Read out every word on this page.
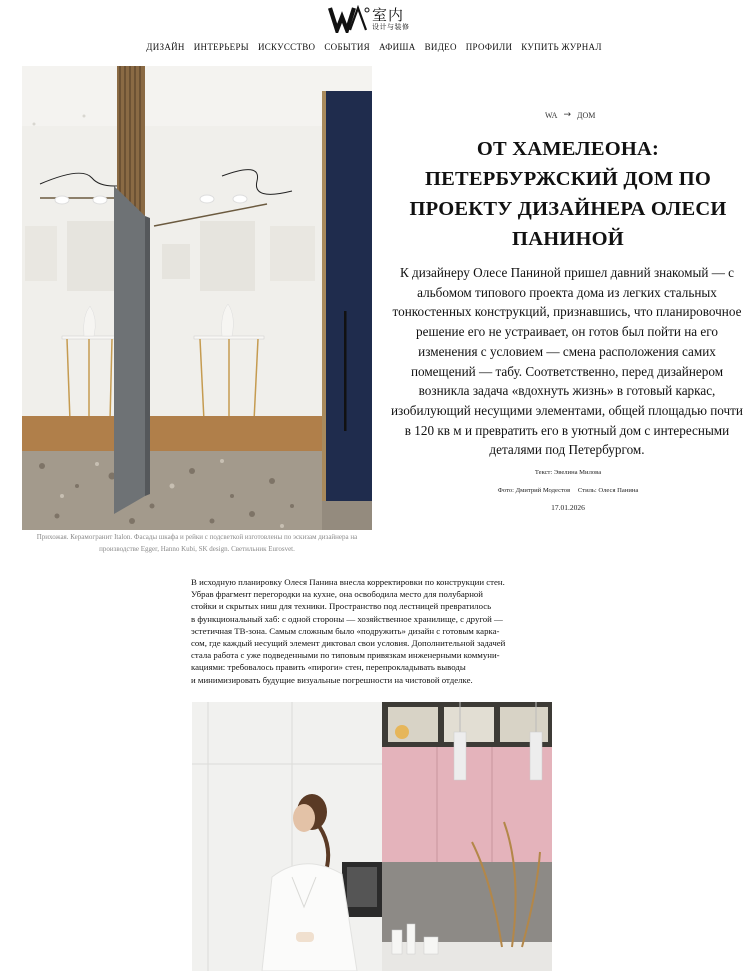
室内
设计与装修
ДИЗАЙН ИНТЕРЬЕРЫ ИСКУССТВО СОБЫТИЯ АФИША ВИДЕО ПРОФИЛИ КУПИТЬ ЖУРНАЛ
Прихожая. Керамогранит Italon. Фасады шкафа и рейки с подсветкой изготовлены по эскизам дизайнера на производстве Egger, Hanno Kubi, SK design. Светильник Eurosvet.
WA → ДОМ
ОТ ХАМЕЛЕОНА: ПЕТЕРБУРЖСКИЙ ДОМ ПО ПРОЕКТУ ДИЗАЙНЕРА ОЛЕСИ ПАНИНОЙ

К дизайнеру Олесе Паниной пришел давний знакомый — с альбомом типового проекта дома из легких стальных тонкостенных конструкций, признавшись, что планировочное решение его не устраивает, он готов был пойти на его изменения с условием — смена расположения самих помещений — табу. Соответственно, перед дизайнером возникла задача «вдохнуть жизнь» в готовый каркас, изобилующий несущими элементами, общей площадью почти в 120 кв м и превратить его в уютный дом с интересными деталями под Петербургом.

Текст: Эвелина Милова
Фото: Дмитрий Модестов Стиль: Олеся Панина
17.01.2026

В исходную планировку Олеся Панина внесла корректировки по конструкции стен.
Убрав фрагмент перегородки на кухне, она освободила место для полубарной
стойки и скрытых ниш для техники. Пространство под лестницей превратилось
в функциональный хаб: с одной стороны — хозяйственное хранилище, с другой —
эстетичная ТВ-зона. Самым сложным было «подружить» дизайн с готовым карка-
сом, где каждый несущий элемент диктовал свои условия. Дополнительной задачей
стала работа с уже подведенными по типовым привязкам инженерными коммуни-
кациями: требовалось править «пироги» стен, перепрокладывать выводы
и минимизировать будущие визуальные погрешности на чистовой отделке.
